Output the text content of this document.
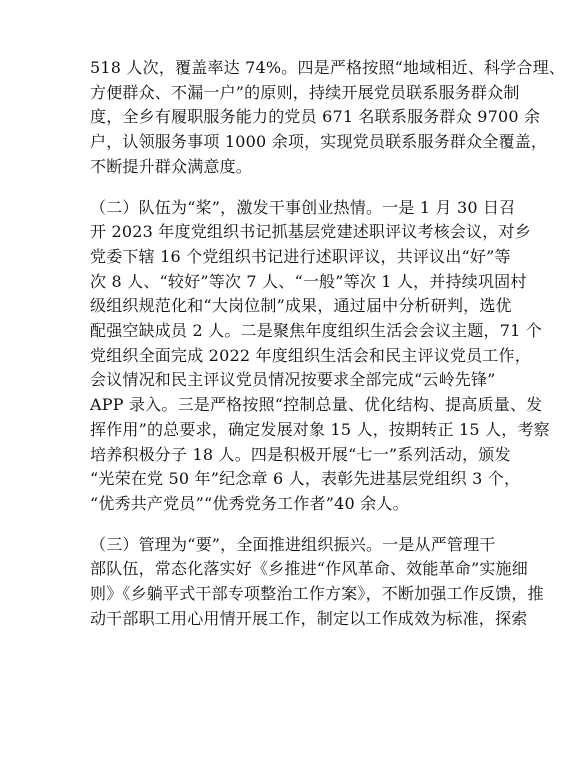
518 人次，覆盖率达 74%。四是严格按照“地域相近、科学合理、
方便群众、不漏一户”的原则，持续开展党员联系服务群众制
度，全乡有履职服务能力的党员 671 名联系服务群众 9700 余
户，认领服务事项 1000 余项，实现党员联系服务群众全覆盖，
不断提升群众满意度。
（二）队伍为“桨”，激发干事创业热情。一是 1 月 30 日召
开 2023 年度党组织书记抓基层党建述职评议考核会议，对乡
党委下辖 16 个党组织书记进行述职评议，共评议出“好”等
次 8 人、“较好”等次 7 人、“一般”等次 1 人，并持续巩固村
级组织规范化和“大岗位制”成果，通过届中分析研判，选优
配强空缺成员 2 人。二是聚焦年度组织生活会会议主题，71 个
党组织全面完成 2022 年度组织生活会和民主评议党员工作，
会议情况和民主评议党员情况按要求全部完成“云岭先锋”
APP 录入。三是严格按照“控制总量、优化结构、提高质量、发
挥作用”的总要求，确定发展对象 15 人，按期转正 15 人，考察
培养积极分子 18 人。四是积极开展“七一”系列活动，颁发
“光荣在党 50 年”纪念章 6 人，表彰先进基层党组织 3 个，
“优秀共产党员”“优秀党务工作者”40 余人。
（三）管理为“要”，全面推进组织振兴。一是从严管理干
部队伍，常态化落实好《乡推进“作风革命、效能革命”实施细
则》《乡躺平式干部专项整治工作方案》，不断加强工作反馈，推
动干部职工用心用情开展工作，制定以工作成效为标准，探索
